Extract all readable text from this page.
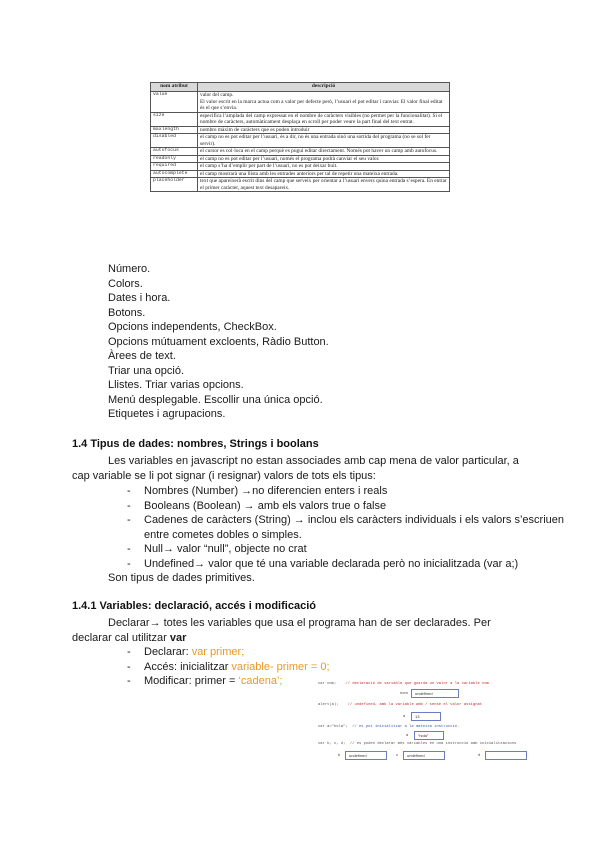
nom atribut	descripció
value	valor del camp.
El valor escrit en la marca actua com a valor per defecte però, l’usuari el pot editar i canviar. El valor final editat és el que s’envia.
size	especifica l’amplada del camp expressat en el nombre de caràcters visibles (no permet per la funcionalitat). Si el nombre de caràcters, automàticament desplaça en scroll per poder veure la part final del text entrat.
maxlength	nombre màxim de caràcters que es poden introduir
disabled	el camp no es pot editar per l’usuari, és a dir, no és una entrada sinó una sortida del programa (no se sol fer servir).
autofocus	el cursor es col·loca en el camp perquè es pugui editar directament. Només pot haver un camp amb autofocus.
readonly	el camp no es pot editar per l’usuari, només el programa podrà canviar el seu valor.
required	el camp s’ha d’emplir per part de l’usuari, no es pot deixar buit.
autocomplete	el camp mostrarà una llista amb les entrades anteriors per tal de repetir una mateixa entrada.
placeholder	text que apareixerà escrit dins del camp que serveix per orientar a l’usuari envers quina entrada s’espera. En entrar el primer caràcter, aquest text desapareix.
Número.
Colors.
Dates i hora.
Botons.
Opcions independents, CheckBox.
Opcions mútuament excloents, Ràdio Button.
Àrees de text.
Triar una opció.
Llistes. Triar varias opcions.
Menú desplegable. Escollir una única opció.
Etiquetes i agrupacions.
1.4 Tipus de dades: nombres, Strings i boolans
Les variables en javascript no estan associades amb cap mena de valor particular, a cap variable se li pot signar (i resignar) valors de tots els tipus:
- Nombres (Number) →no diferencien enters i reals
- Booleans (Boolean) → amb els valors true o false
- Cadenes de caràcters (String) → inclou els caràcters individuals i els valors s’escriuen entre cometes dobles o simples.
- Null→ valor “null”, objecte no crat
- Undefined→ valor que té una variable declarada però no inicialitzada (var a;)
Son tipus de dades primitives.
1.4.1 Variables: declaració, accés i modificació
Declarar→ totes les variables que usa el programa han de ser declarades. Per declarar cal utilitzar var
- Declarar: var primer;
- Accés: inicialitzar variable- primer = 0;
- Modificar: primer = ‘cadena’;	var nom; // declaració de variable que guarda un valor a la variable nom
nom	undefined
alert(a); // undefined, amb la variable amb / sense el valor assignat
a	13
var a="hola"; // es pot inicialitzar a la mateixa instrucció.
a	“hola”
var b, c, d; // es poden declarar més variables en una instrucció amb inicialitzacions
b	undefined	c	undefined	d
